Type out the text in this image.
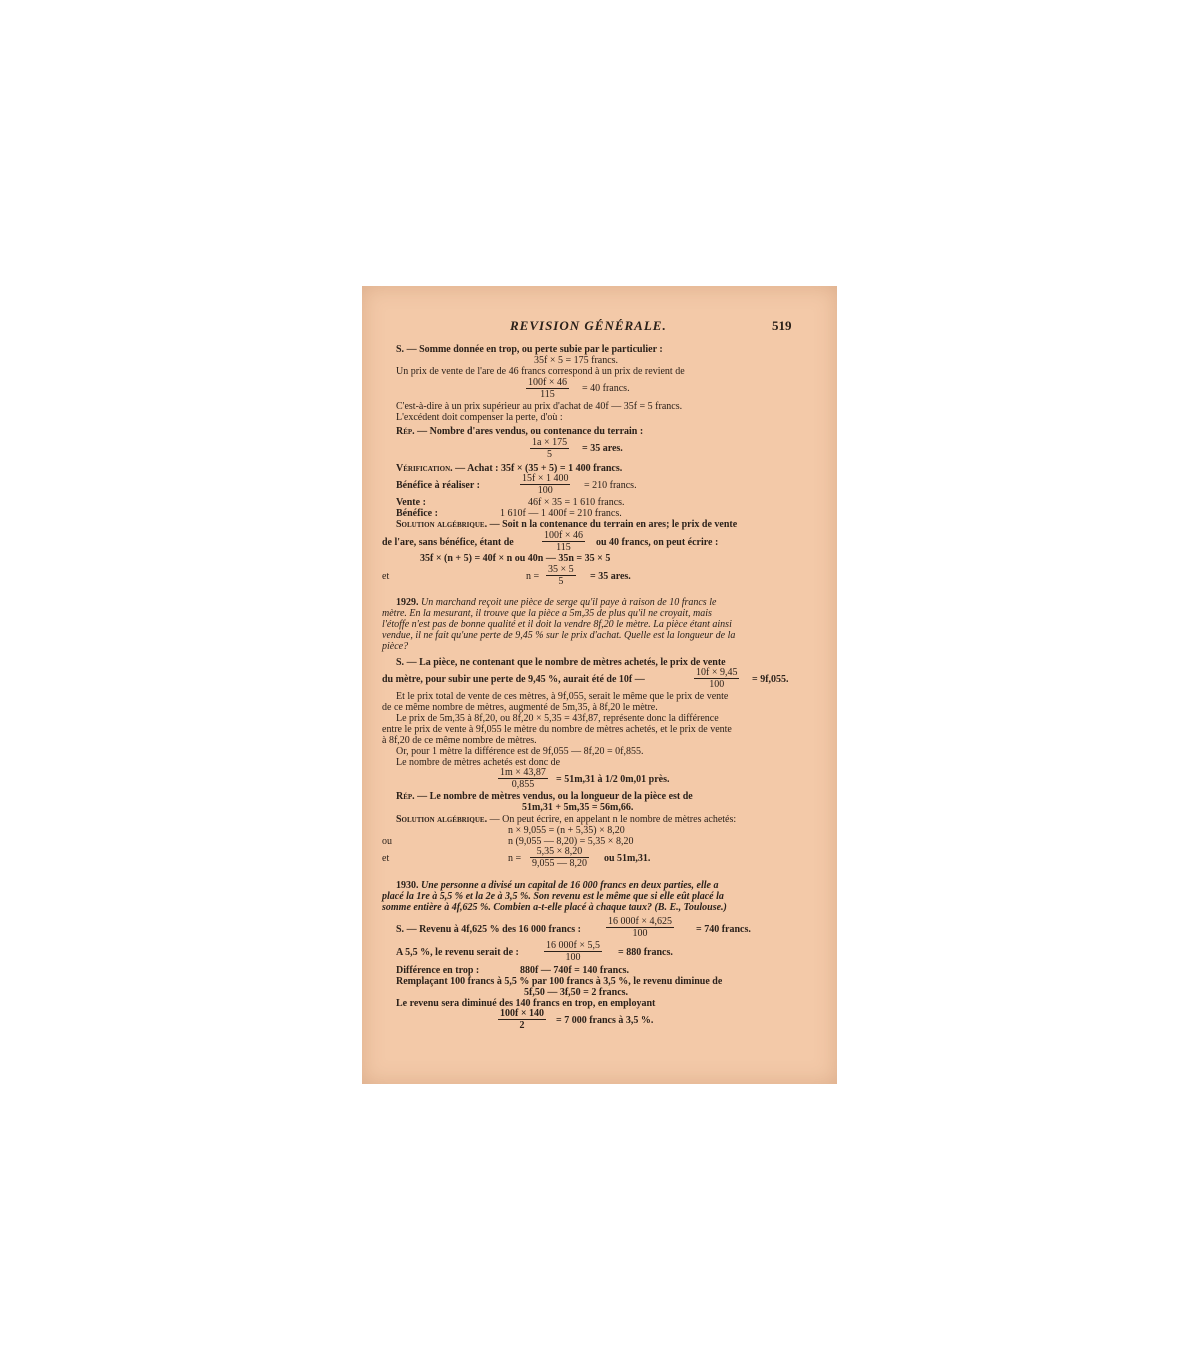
REVISION GÉNÉRALE.	519
S. — Somme donnée en trop, ou perte subie par le particulier :
35f × 5 = 175 francs.
Un prix de vente de l'are de 46 francs correspond à un prix de revient de
$\frac{100f \times 46}{115} = 40$ francs.
C'est-à-dire à un prix supérieur au prix d'achat de 40f — 35f = 5 francs.
L'excédent doit compenser la perte, d'où :
Rép. — Nombre d'ares vendus, ou contenance du terrain :
$\frac{1a \times 175}{5} = 35$ ares.
Vérification. — Achat : 35f × (35 + 5) = 1 400 francs.
Bénéfice à réaliser :	$\frac{15f \times 1 400}{100} = 210$ francs.
Vente :	46f × 35 = 1 610 francs.
Bénéfice :	1 610f — 1 400f = 210 francs.
Solution algébrique. — Soit n la contenance du terrain en ares; le prix de vente
de l'are, sans bénéfice, étant de	$\frac{100f \times 46}{115}$ ou 40 francs, on peut écrire :
35f × (n + 5) = 40f × n ou 40n — 35n = 35 × 5
et	$n = \frac{35 \times 5}{5} = 35$ ares.
1929. Un marchand reçoit une pièce de serge qu'il paye à raison de 10 francs le
mètre. En la mesurant, il trouve que la pièce a 5m,35 de plus qu'il ne croyait, mais
l'étoffe n'est pas de bonne qualité et il doit la vendre 8f,20 le mètre. La pièce étant ainsi
vendue, il ne fait qu'une perte de 9,45 % sur le prix d'achat. Quelle est la longueur de la
pièce?
S. — La pièce, ne contenant que le nombre de mètres achetés, le prix de vente
du mètre, pour subir une perte de 9,45 %, aurait été de 10f —	$\frac{10f \times 9,45}{100} = 9f,055$.
Et le prix total de vente de ces mètres, à 9f,055, serait le même que le prix de vente
de ce même nombre de mètres, augmenté de 5m,35, à 8f,20 le mètre.
Le prix de 5m,35 à 8f,20, ou 8f,20 × 5,35 = 43f,87, représente donc la différence
entre le prix de vente à 9f,055 le mètre du nombre de mètres achetés, et le prix de vente
à 8f,20 de ce même nombre de mètres.
Or, pour 1 mètre la différence est de 9f,055 — 8f,20 = 0f,855.
Le nombre de mètres achetés est donc de
$\frac{1m \times 43,87}{0,855} = 51m,31$ à 1/2 0m,01 près.
Rép. — Le nombre de mètres vendus, ou la longueur de la pièce est de
51m,31 + 5m,35 = 56m,66.
Solution algébrique. — On peut écrire, en appelant n le nombre de mètres achetés:
n × 9,055 = (n + 5,35) × 8,20
ou	n (9,055 — 8,20) = 5,35 × 8,20
et	$n = \frac{5,35 \times 8,20}{9,055 — 8,20}$ ou 51m,31.
1930. Une personne a divisé un capital de 16 000 francs en deux parties, elle a
placé la 1re à 5,5 % et la 2e à 3,5 %. Son revenu est le même que si elle eût placé la
somme entière à 4f,625 %. Combien a-t-elle placé à chaque taux? (B. E., Toulouse.)
S. — Revenu à 4f,625 % des 16 000 francs :	$\frac{16 000f \times 4,625}{100} = 740$ francs.
A 5,5 %, le revenu serait de :	$\frac{16 000f \times 5,5}{100} = 880$ francs.
Différence en trop :	880f — 740f = 140 francs.
Remplaçant 100 francs à 5,5 % par 100 francs à 3,5 %, le revenu diminue de
5f,50 — 3f,50 = 2 francs.
Le revenu sera diminué des 140 francs en trop, en employant
$\frac{100f \times 140}{2} = 7$ 000 francs à 3,5 %.
